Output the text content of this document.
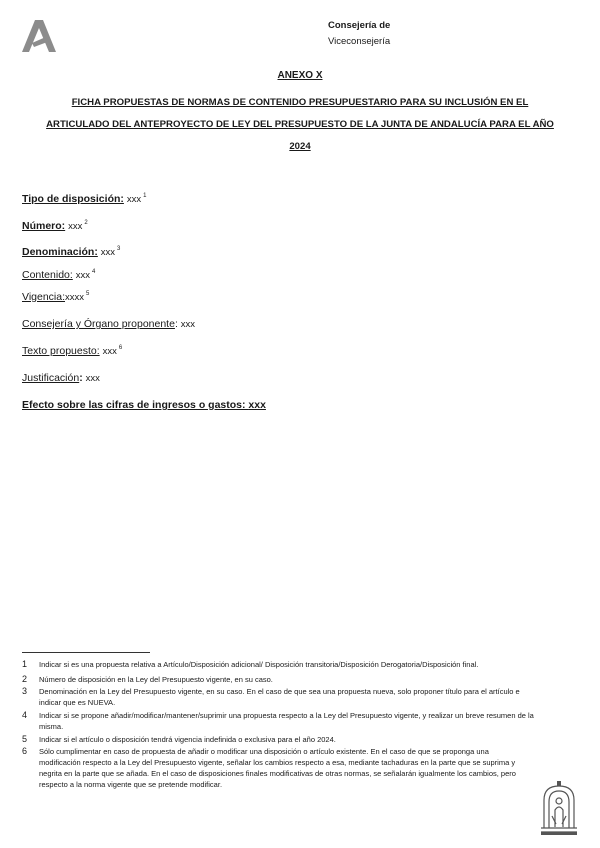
Consejería de
Viceconsejería
ANEXO X
FICHA PROPUESTAS DE NORMAS DE CONTENIDO PRESUPUESTARIO PARA SU INCLUSIÓN EN EL
ARTICULADO DEL ANTEPROYECTO DE LEY DEL PRESUPUESTO DE LA JUNTA DE ANDALUCÍA PARA EL AÑO
2024
Tipo de disposición: xxx $^1$
Número: xxx $^2$
Denominación: xxx $^3$
Contenido: xxx $^4$
Vigencia:xxxx $^5$
Consejería y Órgano proponente: xxx
Texto propuesto: xxx $^6$
Justificación: xxx
Efecto sobre las cifras de ingresos o gastos: xxx
1 Indicar si es una propuesta relativa a Artículo/Disposición adicional/ Disposición transitoria/Disposición Derogatoria/Disposición final.
2 Número de disposición en la Ley del Presupuesto vigente, en su caso.
3 Denominación en la Ley del Presupuesto vigente, en su caso. En el caso de que sea una propuesta nueva, solo proponer título para el artículo e indicar que es NUEVA.
4 Indicar si se propone añadir/modificar/mantener/suprimir una propuesta respecto a la Ley del Presupuesto vigente, y realizar un breve resumen de la misma.
5 Indicar si el artículo o disposición tendrá vigencia indefinida o exclusiva para el año 2024.
6 Sólo cumplimentar en caso de propuesta de añadir o modificar una disposición o artículo existente. En el caso de que se proponga una modificación respecto a la Ley del Presupuesto vigente, señalar los cambios respecto a esa, mediante tachaduras en la parte que se suprima y negrita en la parte que se añada. En el caso de disposiciones finales modificativas de otras normas, se señalarán igualmente los cambios, pero respecto a la norma vigente que se pretende modificar.
